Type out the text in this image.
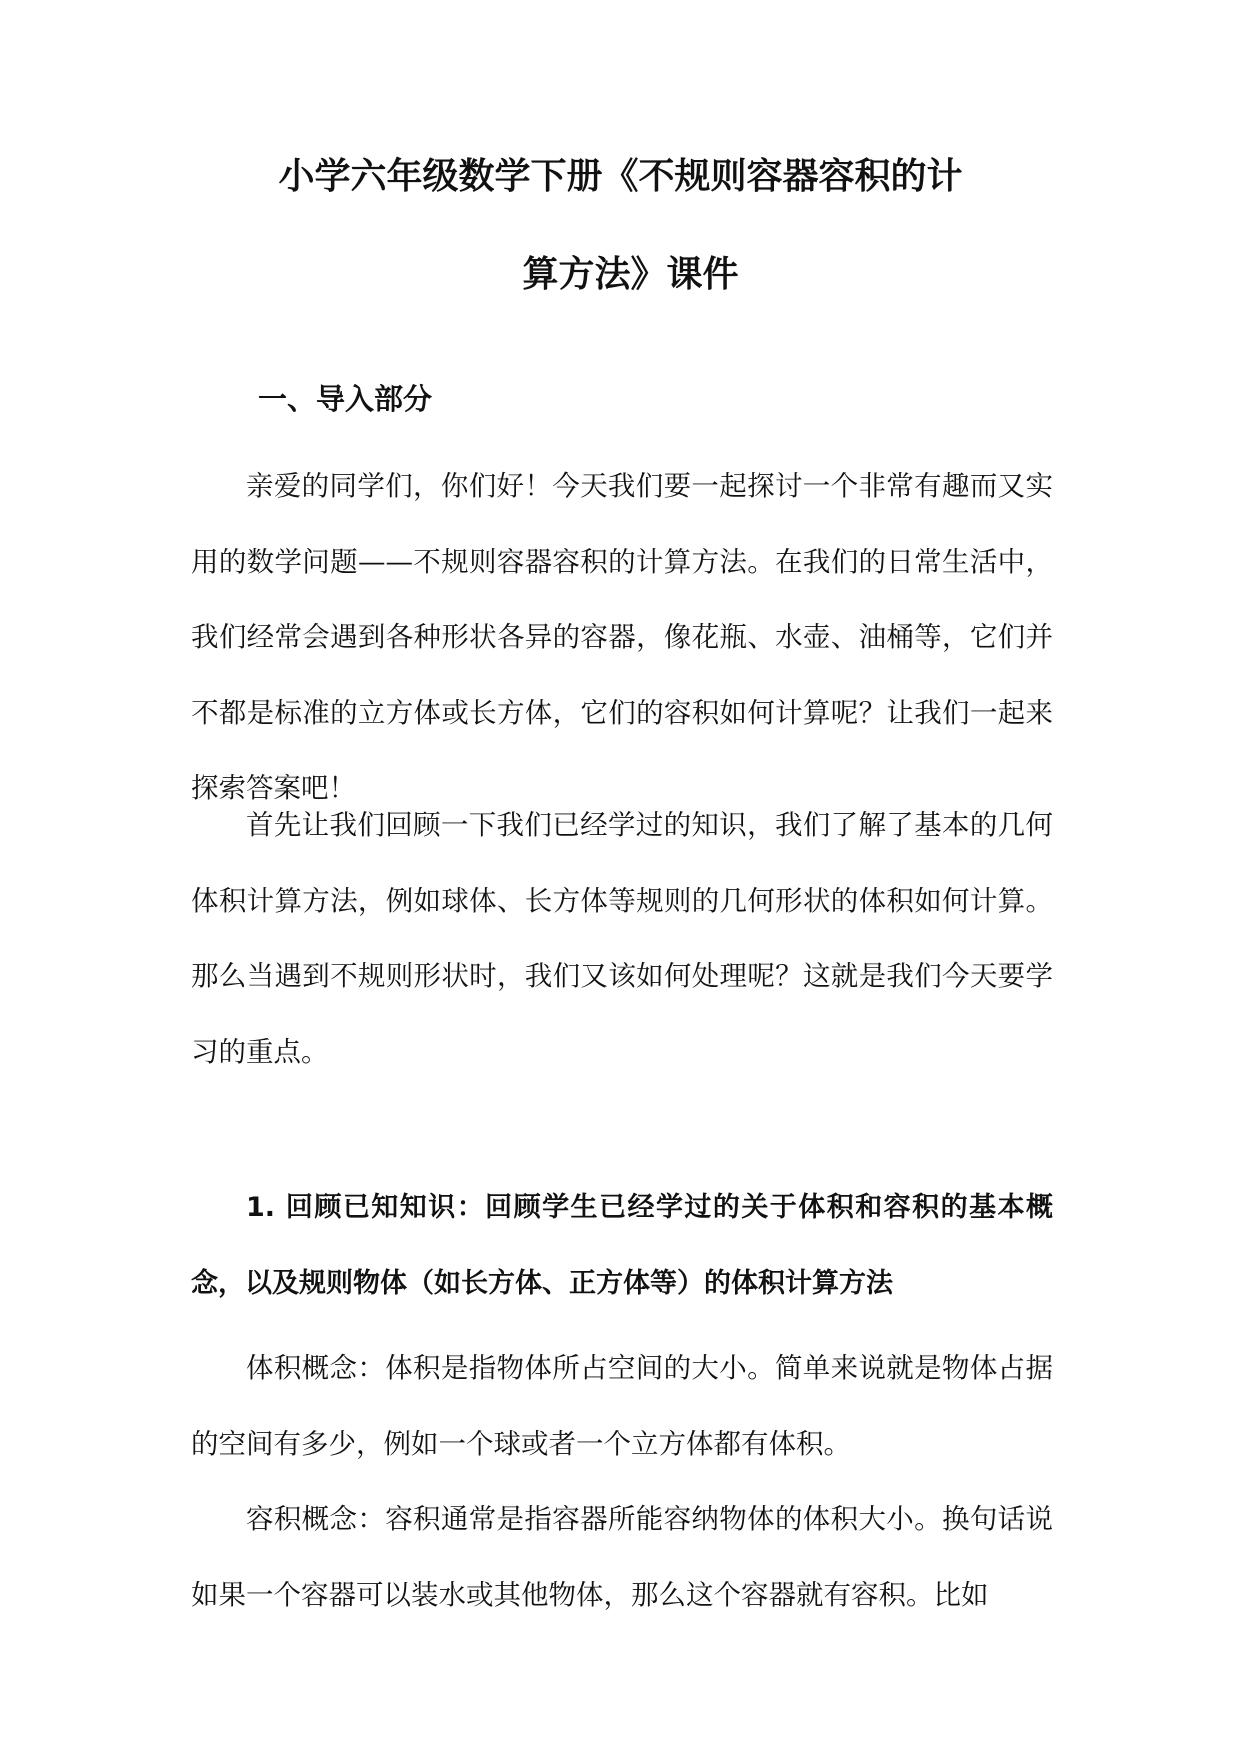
小学六年级数学下册《不规则容器容积的计
算方法》课件
一、导入部分

亲爱的同学们，你们好！今天我们要一起探讨一个非常有趣而又实用的数学问题——不规则容器容积的计算方法。在我们的日常生活中，我们经常会遇到各种形状各异的容器，像花瓶、水壶、油桶等，它们并不都是标准的立方体或长方体，它们的容积如何计算呢？让我们一起来探索答案吧！

首先让我们回顾一下我们已经学过的知识，我们了解了基本的几何体积计算方法，例如球体、长方体等规则的几何形状的体积如何计算。那么当遇到不规则形状时，我们又该如何处理呢？这就是我们今天要学习的重点。

1. 回顾已知知识：回顾学生已经学过的关于体积和容积的基本概念，以及规则物体（如长方体、正方体等）的体积计算方法

体积概念：体积是指物体所占空间的大小。简单来说就是物体占据的空间有多少，例如一个球或者一个立方体都有体积。

容积概念：容积通常是指容器所能容纳物体的体积大小。换句话说如果一个容器可以装水或其他物体，那么这个容器就有容积。比如
